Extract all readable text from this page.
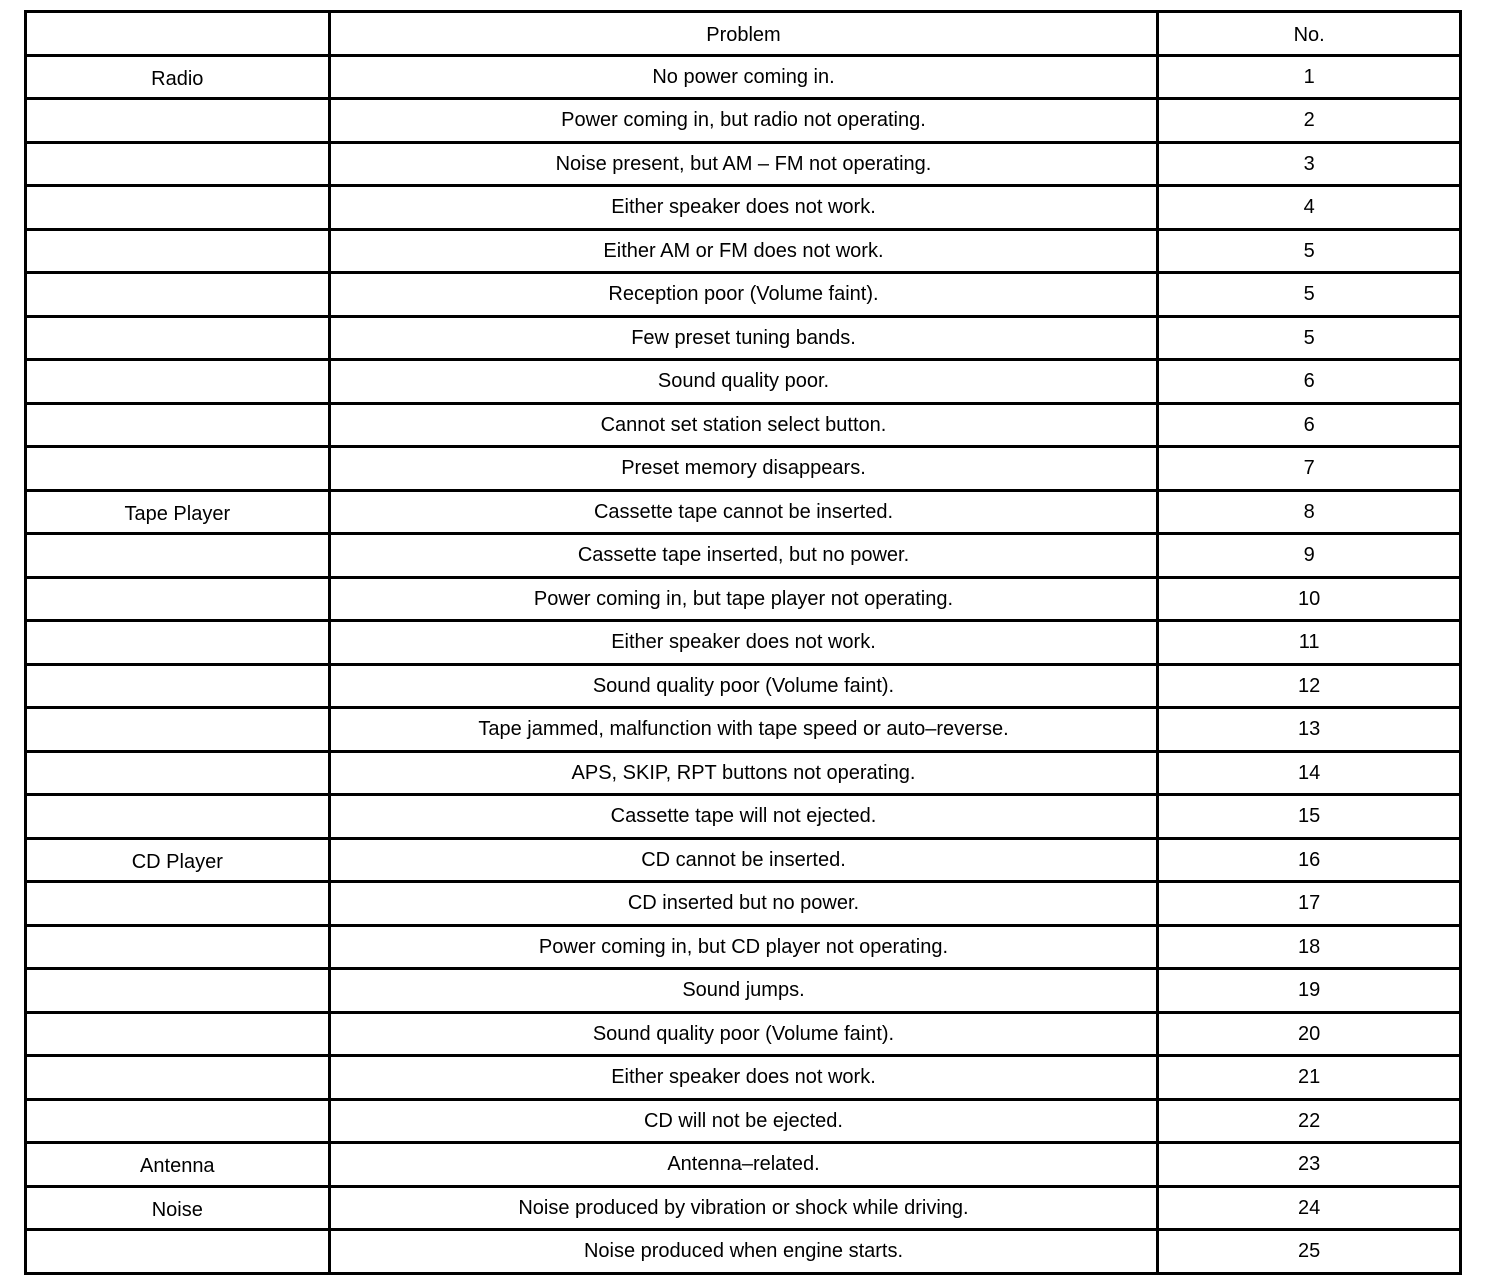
	Problem	No.
Radio	No power coming in.	1
	Power coming in, but radio not operating.	2
	Noise present, but AM – FM not operating.	3
	Either speaker does not work.	4
	Either AM or FM does not work.	5
	Reception poor (Volume faint).	5
	Few preset tuning bands.	5
	Sound quality poor.	6
	Cannot set station select button.	6
	Preset memory disappears.	7
Tape Player	Cassette tape cannot be inserted.	8
	Cassette tape inserted, but no power.	9
	Power coming in, but tape player not operating.	10
	Either speaker does not work.	11
	Sound quality poor (Volume faint).	12
	Tape jammed, malfunction with tape speed or auto–reverse.	13
	APS, SKIP, RPT buttons not operating.	14
	Cassette tape will not ejected.	15
CD Player	CD cannot be inserted.	16
	CD inserted but no power.	17
	Power coming in, but CD player not operating.	18
	Sound jumps.	19
	Sound quality poor (Volume faint).	20
	Either speaker does not work.	21
	CD will not be ejected.	22
Antenna	Antenna–related.	23
Noise	Noise produced by vibration or shock while driving.	24
	Noise produced when engine starts.	25
